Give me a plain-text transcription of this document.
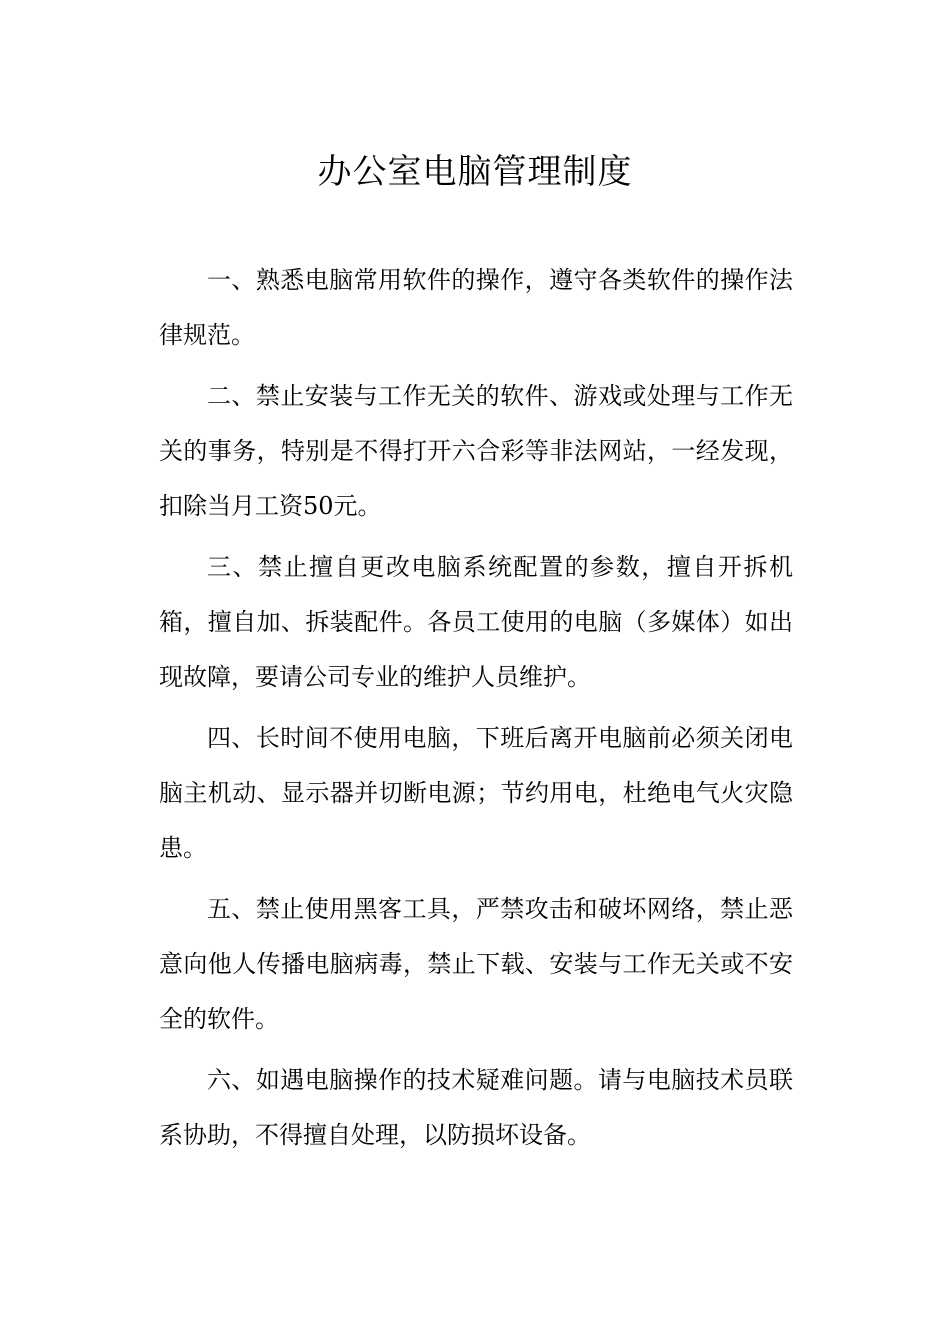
办公室电脑管理制度

一、熟悉电脑常用软件的操作，遵守各类软件的操作法律规范。

二、禁止安装与工作无关的软件、游戏或处理与工作无关的事务，特别是不得打开六合彩等非法网站，一经发现，扣除当月工资50元。

三、禁止擅自更改电脑系统配置的参数，擅自开拆机箱，擅自加、拆装配件。各员工使用的电脑（多媒体）如出现故障，要请公司专业的维护人员维护。

四、长时间不使用电脑，下班后离开电脑前必须关闭电脑主机动、显示器并切断电源；节约用电，杜绝电气火灾隐患。

五、禁止使用黑客工具，严禁攻击和破坏网络，禁止恶意向他人传播电脑病毒，禁止下载、安装与工作无关或不安全的软件。

六、如遇电脑操作的技术疑难问题。请与电脑技术员联系协助，不得擅自处理，以防损坏设备。
